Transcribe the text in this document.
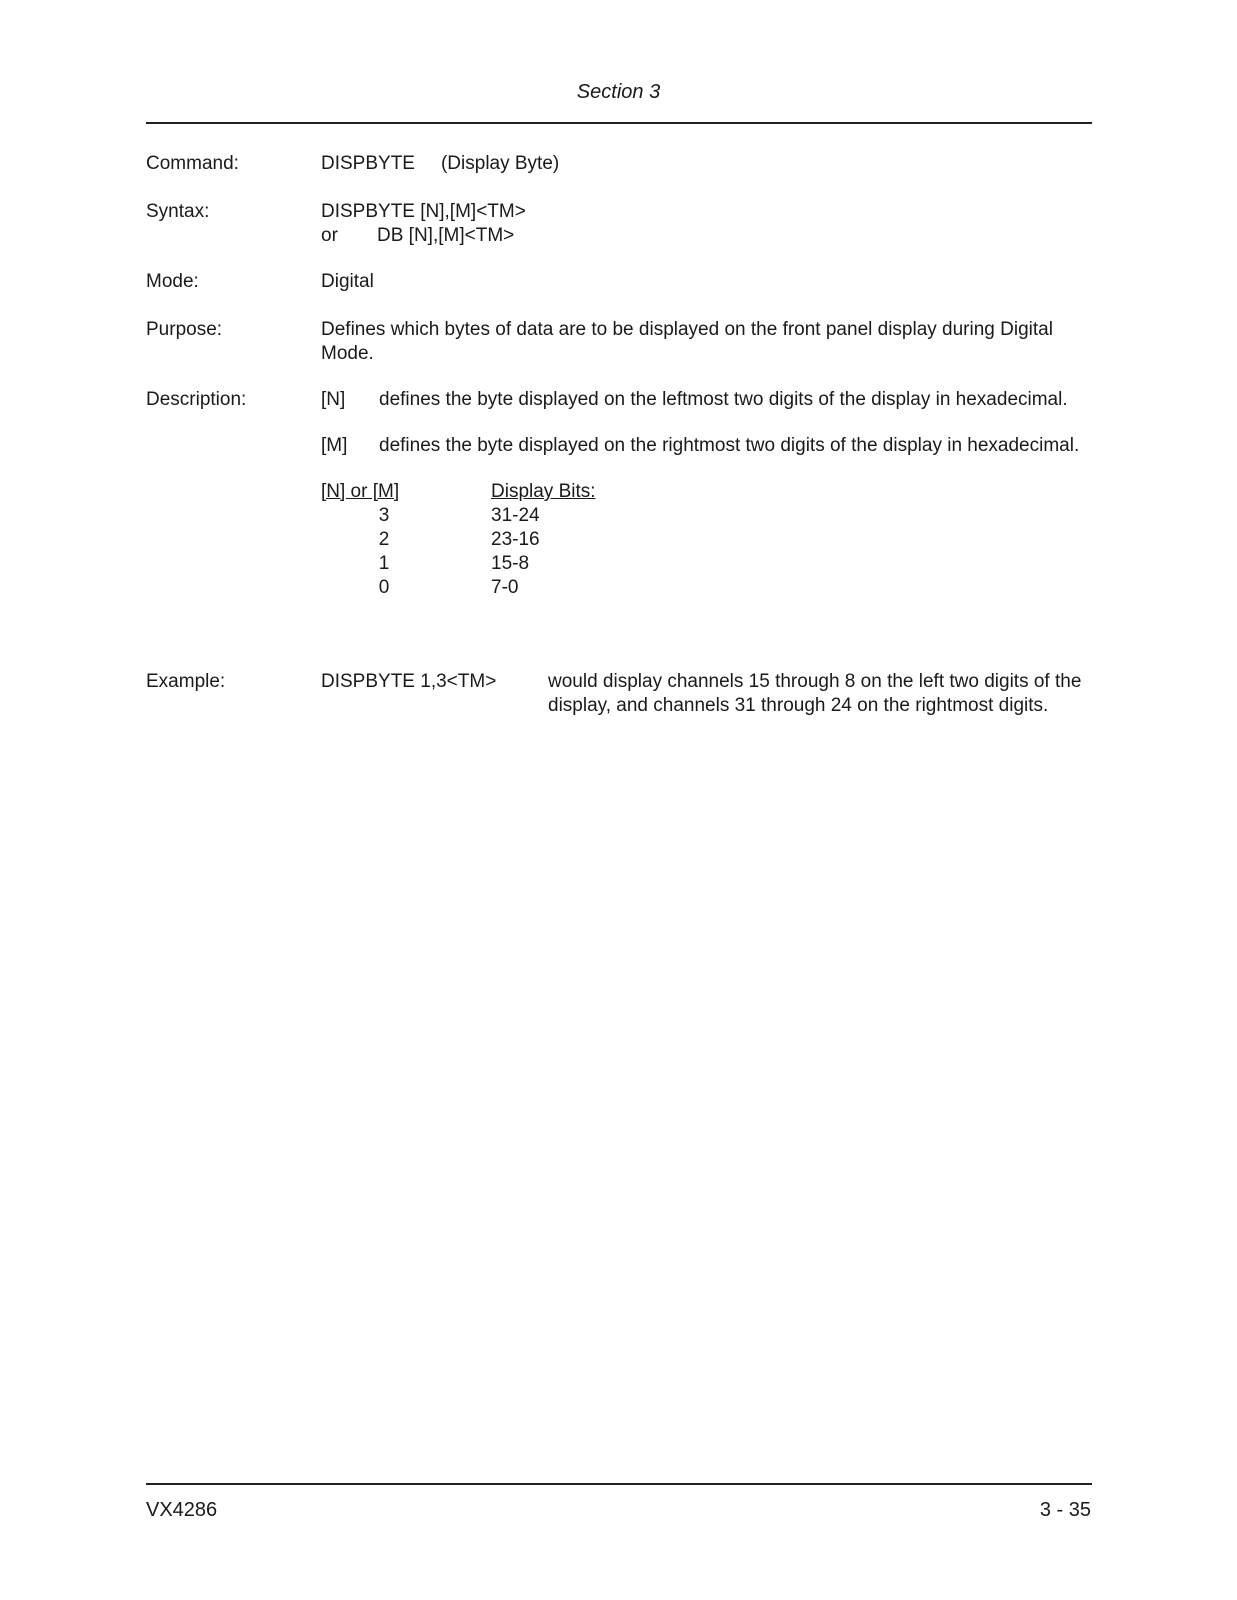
Section 3
Command:	DISPBYTE (Display Byte)
Syntax:	DISPBYTE [N],[M]<TM>
or	DB [N],[M]<TM>
Mode:	Digital
Purpose:	Defines which bytes of data are to be displayed on the front panel display during Digital Mode.
Description:	[N]	defines the byte displayed on the leftmost two digits of the display in hexadecimal.
[M]	defines the byte displayed on the rightmost two digits of the display in hexadecimal.
[N] or [M]	Display Bits:
3	31-24
2	23-16
1	15-8
0	7-0
Example:	DISPBYTE 1,3<TM>	would display channels 15 through 8 on the left two digits of the display, and channels 31 through 24 on the rightmost digits.
VX4286	3 - 35
